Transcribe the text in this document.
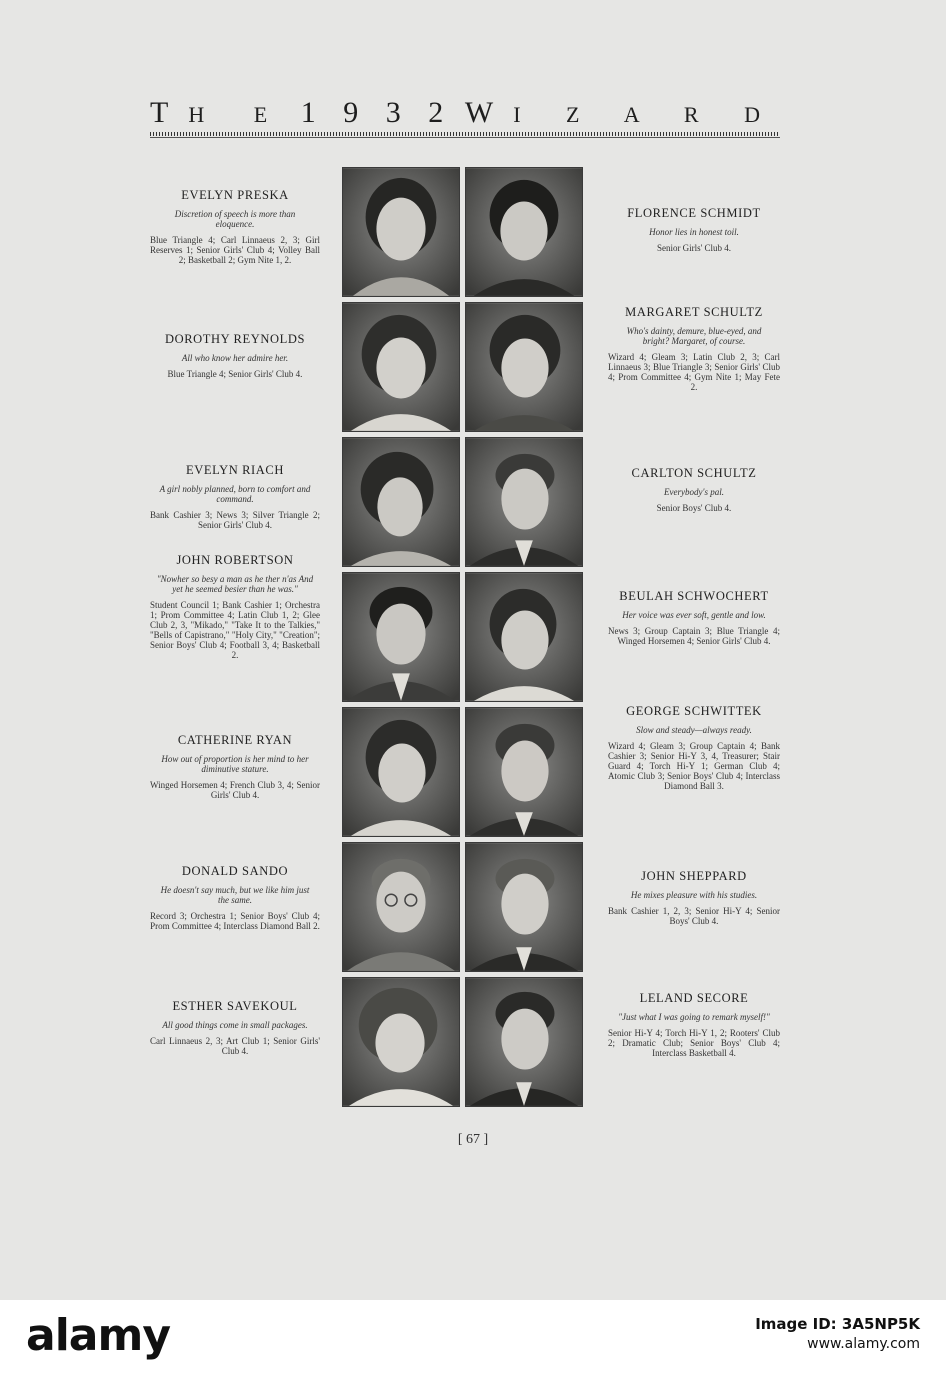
T H E 1 9 3 2 W I Z A R D
EVELYN PRESKA
Discretion of speech is more than eloquence.
Blue Triangle 4; Carl Linnaeus 2, 3; Girl Reserves 1; Senior Girls' Club 4; Volley Ball 2; Basketball 2; Gym Nite 1, 2.
DOROTHY REYNOLDS
All who know her admire her.
Blue Triangle 4; Senior Girls' Club 4.
EVELYN RIACH
A girl nobly planned, born to comfort and command.
Bank Cashier 3; News 3; Silver Triangle 2; Senior Girls' Club 4.
JOHN ROBERTSON
"Nowher so besy a man as he ther n'as And yet he seemed besier than he was."
Student Council 1; Bank Cashier 1; Orchestra 1; Prom Committee 4; Latin Club 1, 2; Glee Club 2, 3, "Mikado," "Take It to the Talkies," "Bells of Capistrano," "Holy City," "Creation"; Senior Boys' Club 4; Football 3, 4; Basketball 2.
CATHERINE RYAN
How out of proportion is her mind to her diminutive stature.
Winged Horsemen 4; French Club 3, 4; Senior Girls' Club 4.
DONALD SANDO
He doesn't say much, but we like him just the same.
Record 3; Orchestra 1; Senior Boys' Club 4; Prom Committee 4; Interclass Diamond Ball 2.
ESTHER SAVEKOUL
All good things come in small packages.
Carl Linnaeus 2, 3; Art Club 1; Senior Girls' Club 4.
FLORENCE SCHMIDT
Honor lies in honest toil.
Senior Girls' Club 4.
MARGARET SCHULTZ
Who's dainty, demure, blue-eyed, and bright? Margaret, of course.
Wizard 4; Gleam 3; Latin Club 2, 3; Carl Linnaeus 3; Blue Triangle 3; Senior Girls' Club 4; Prom Committee 4; Gym Nite 1; May Fete 2.
CARLTON SCHULTZ
Everybody's pal.
Senior Boys' Club 4.
BEULAH SCHWOCHERT
Her voice was ever soft, gentle and low.
News 3; Group Captain 3; Blue Triangle 4; Winged Horsemen 4; Senior Girls' Club 4.
GEORGE SCHWITTEK
Slow and steady—always ready.
Wizard 4; Gleam 3; Group Captain 4; Bank Cashier 3; Senior Hi-Y 3, 4, Treasurer; Stair Guard 4; Torch Hi-Y 1; German Club 4; Atomic Club 3; Senior Boys' Club 4; Interclass Diamond Ball 3.
JOHN SHEPPARD
He mixes pleasure with his studies.
Bank Cashier 1, 2, 3; Senior Hi-Y 4; Senior Boys' Club 4.
LELAND SECORE
"Just what I was going to remark myself!"
Senior Hi-Y 4; Torch Hi-Y 1, 2; Rooters' Club 2; Dramatic Club; Senior Boys' Club 4; Interclass Basketball 4.
[ 67 ]
alamy	Image ID: 3A5NP5K
www.alamy.com
